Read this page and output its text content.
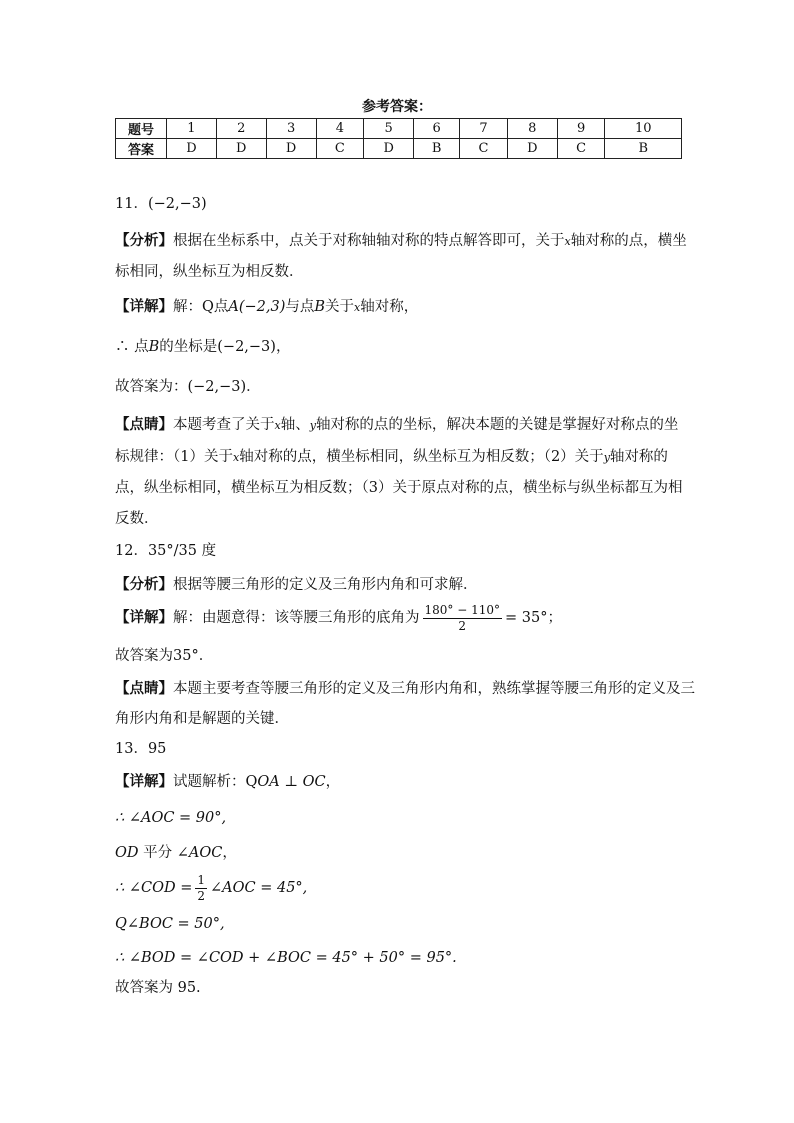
参考答案：
题号	1	2	3	4	5	6	7	8	9	10
答案	D	D	D	C	D	B	C	D	C	B
11．(−2,−3)
【分析】根据在坐标系中，点关于对称轴轴对称的特点解答即可，关于x轴对称的点，横坐
标相同，纵坐标互为相反数．
【详解】解：Q点A(−2,3)与点B关于x轴对称，
∴ 点B的坐标是(−2,−3)，
故答案为：(−2,−3)．
【点睛】本题考查了关于x轴、y轴对称的点的坐标，解决本题的关键是掌握好对称点的坐
标规律：（1）关于x轴对称的点，横坐标相同，纵坐标互为相反数；（2）关于y轴对称的
点，纵坐标相同，横坐标互为相反数；（3）关于原点对称的点，横坐标与纵坐标都互为相
反数．
12．35°/35 度
【分析】根据等腰三角形的定义及三角形内角和可求解．
【详解】解：由题意得：该等腰三角形的底角为 $\frac{180^\circ - 110^\circ}{2} = 35^\circ$；
故答案为35°．
【点睛】本题主要考查等腰三角形的定义及三角形内角和，熟练掌握等腰三角形的定义及三
角形内角和是解题的关键．
13．95
【详解】试题解析：QOA ⊥ OC，
∴ ∠AOC = 90°,
OD 平分 ∠AOC，
∴ ∠COD = $\frac{1}{2}$ ∠AOC = 45°,
Q∠BOC = 50°,
∴ ∠BOD = ∠COD + ∠BOC = 45° + 50° = 95°.
故答案为 95.
